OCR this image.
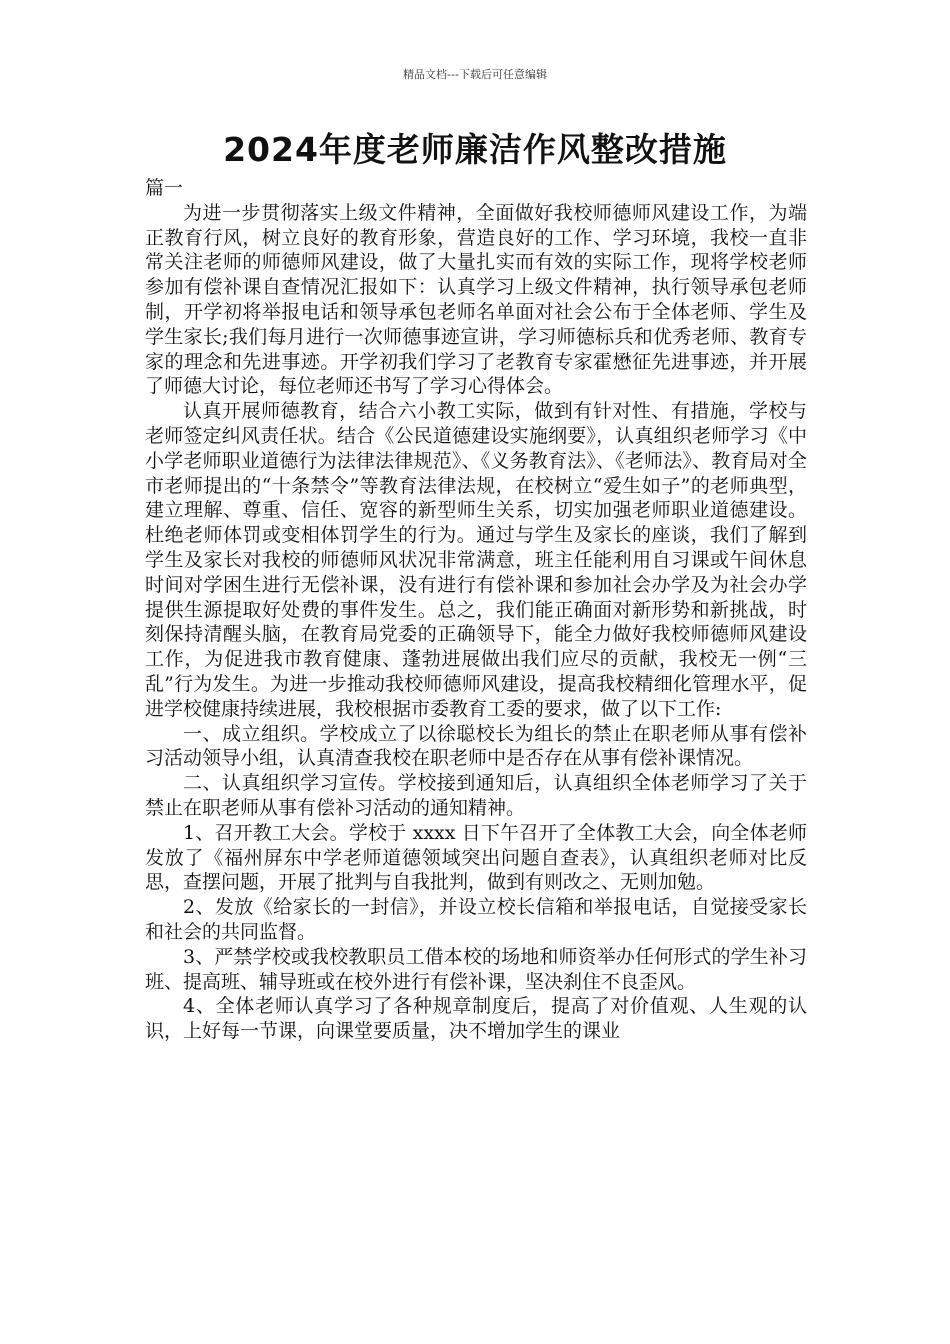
精品文档---下载后可任意编辑
2024年度老师廉洁作风整改措施

篇一

为进一步贯彻落实上级文件精神，全面做好我校师德师风建设工作，为端正教育行风，树立良好的教育形象，营造良好的工作、学习环境，我校一直非常关注老师的师德师风建设，做了大量扎实而有效的实际工作，现将学校老师参加有偿补课自查情况汇报如下：认真学习上级文件精神，执行领导承包老师制，开学初将举报电话和领导承包老师名单面对社会公布于全体老师、学生及学生家长;我们每月进行一次师德事迹宣讲，学习师德标兵和优秀老师、教育专家的理念和先进事迹。开学初我们学习了老教育专家霍懋征先进事迹，并开展了师德大讨论，每位老师还书写了学习心得体会。

认真开展师德教育，结合六小教工实际，做到有针对性、有措施，学校与老师签定纠风责任状。结合《公民道德建设实施纲要》，认真组织老师学习《中小学老师职业道德行为法律法律规范》、《义务教育法》、《老师法》、教育局对全市老师提出的“十条禁令”等教育法律法规，在校树立“爱生如子”的老师典型，建立理解、尊重、信任、宽容的新型师生关系，切实加强老师职业道德建设。杜绝老师体罚或变相体罚学生的行为。通过与学生及家长的座谈，我们了解到学生及家长对我校的师德师风状况非常满意，班主任能利用自习课或午间休息时间对学困生进行无偿补课，没有进行有偿补课和参加社会办学及为社会办学提供生源提取好处费的事件发生。总之，我们能正确面对新形势和新挑战，时刻保持清醒头脑，在教育局党委的正确领导下，能全力做好我校师德师风建设工作，为促进我市教育健康、蓬勃进展做出我们应尽的贡献，我校无一例“三乱”行为发生。为进一步推动我校师德师风建设，提高我校精细化管理水平，促进学校健康持续进展，我校根据市委教育工委的要求，做了以下工作:

一、成立组织。学校成立了以徐聪校长为组长的禁止在职老师从事有偿补习活动领导小组，认真清查我校在职老师中是否存在从事有偿补课情况。

二、认真组织学习宣传。学校接到通知后，认真组织全体老师学习了关于禁止在职老师从事有偿补习活动的通知精神。

1、召开教工大会。学校于 xxxx 日下午召开了全体教工大会，向全体老师发放了《福州屏东中学老师道德领域突出问题自查表》，认真组织老师对比反思，查摆问题，开展了批判与自我批判，做到有则改之、无则加勉。

2、发放《给家长的一封信》，并设立校长信箱和举报电话，自觉接受家长和社会的共同监督。

3、严禁学校或我校教职员工借本校的场地和师资举办任何形式的学生补习班、提高班、辅导班或在校外进行有偿补课，坚决刹住不良歪风。

4、全体老师认真学习了各种规章制度后，提高了对价值观、人生观的认识，上好每一节课，向课堂要质量，决不增加学生的课业
